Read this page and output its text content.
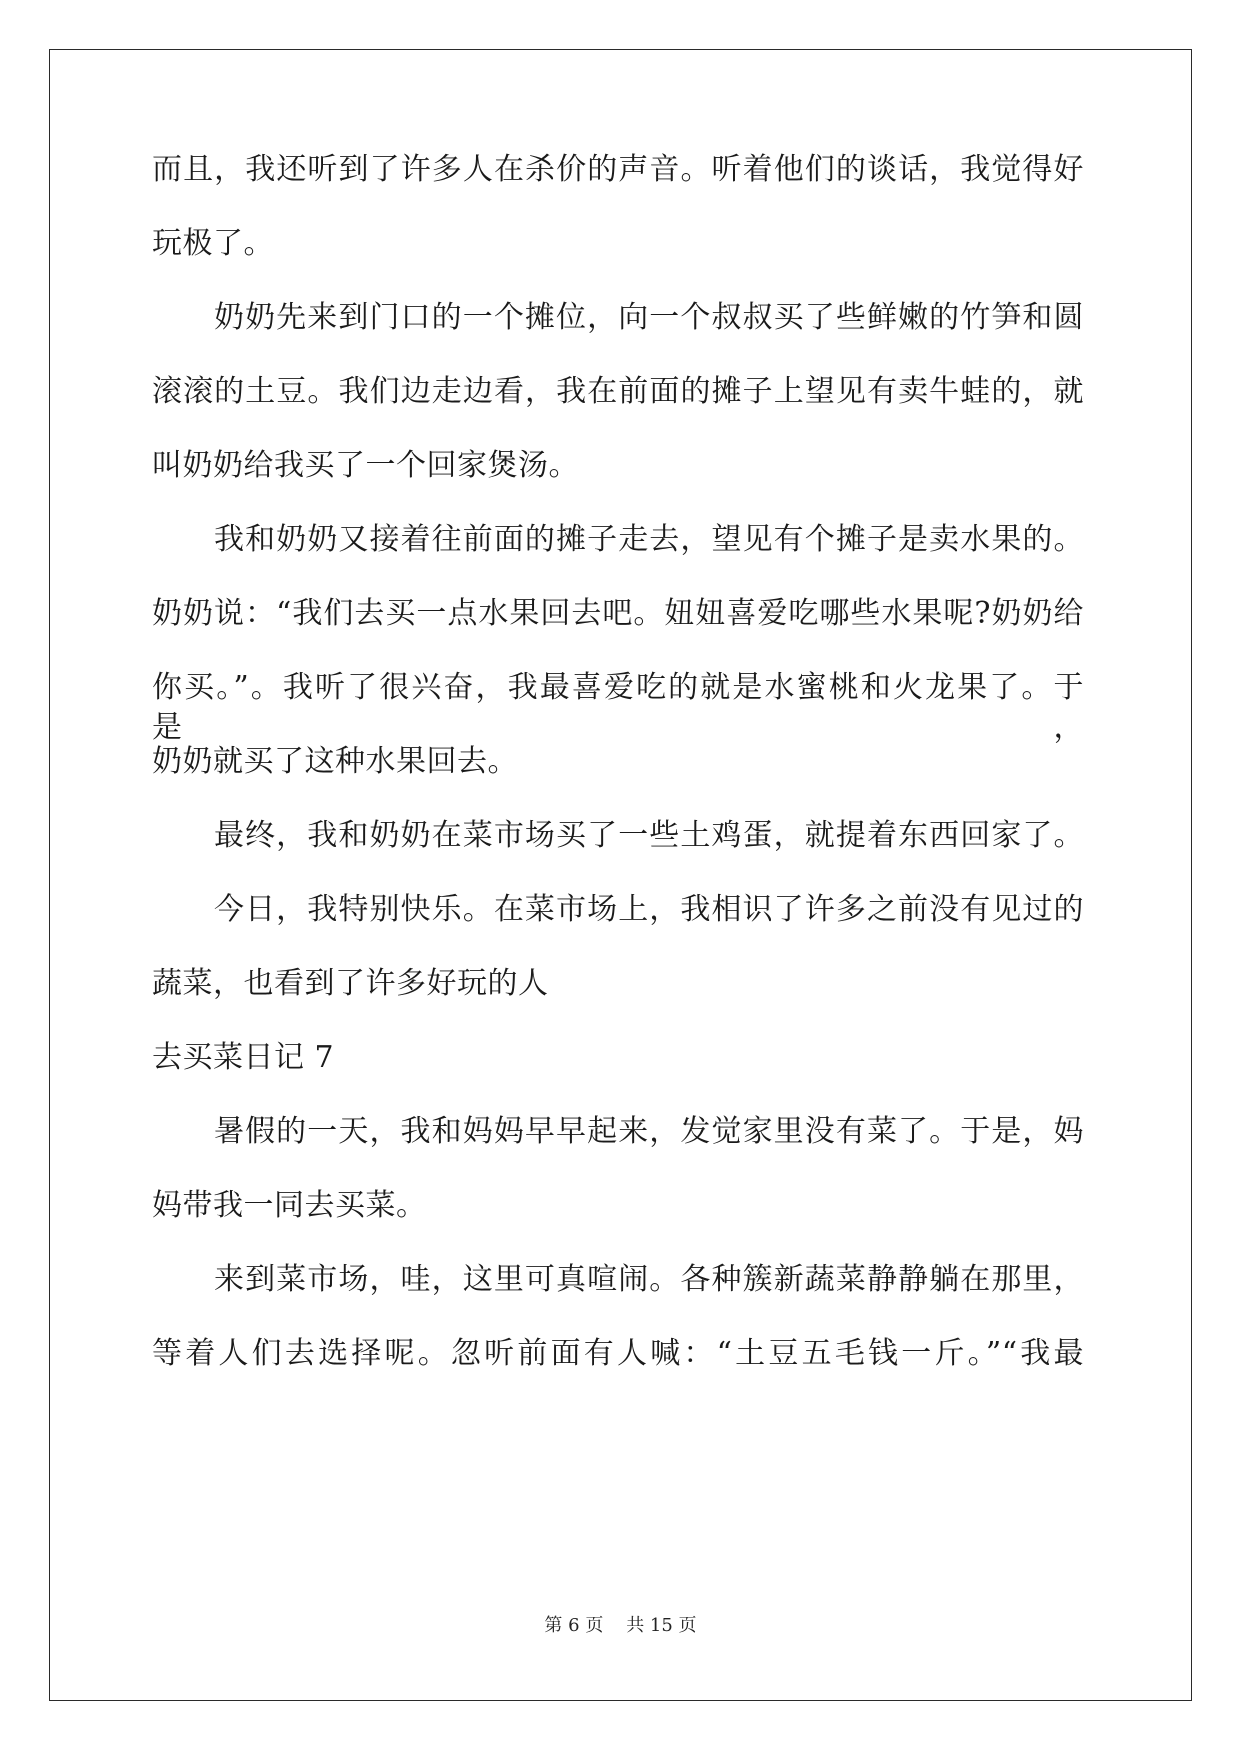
而且，我还听到了许多人在杀价的声音。听着他们的谈话，我觉得好
玩极了。
奶奶先来到门口的一个摊位，向一个叔叔买了些鲜嫩的竹笋和圆
滚滚的土豆。我们边走边看，我在前面的摊子上望见有卖牛蛙的，就
叫奶奶给我买了一个回家煲汤。
我和奶奶又接着往前面的摊子走去，望见有个摊子是卖水果的。
奶奶说：“我们去买一点水果回去吧。妞妞喜爱吃哪些水果呢?奶奶给
你买。”。我听了很兴奋，我最喜爱吃的就是水蜜桃和火龙果了。于是，
奶奶就买了这种水果回去。
最终，我和奶奶在菜市场买了一些土鸡蛋，就提着东西回家了。
今日，我特别快乐。在菜市场上，我相识了许多之前没有见过的
蔬菜，也看到了许多好玩的人
去买菜日记 7
暑假的一天，我和妈妈早早起来，发觉家里没有菜了。于是，妈
妈带我一同去买菜。
来到菜市场，哇，这里可真喧闹。各种簇新蔬菜静静躺在那里，
等着人们去选择呢。忽听前面有人喊：“土豆五毛钱一斤。”“我最
第 6 页    共 15 页
